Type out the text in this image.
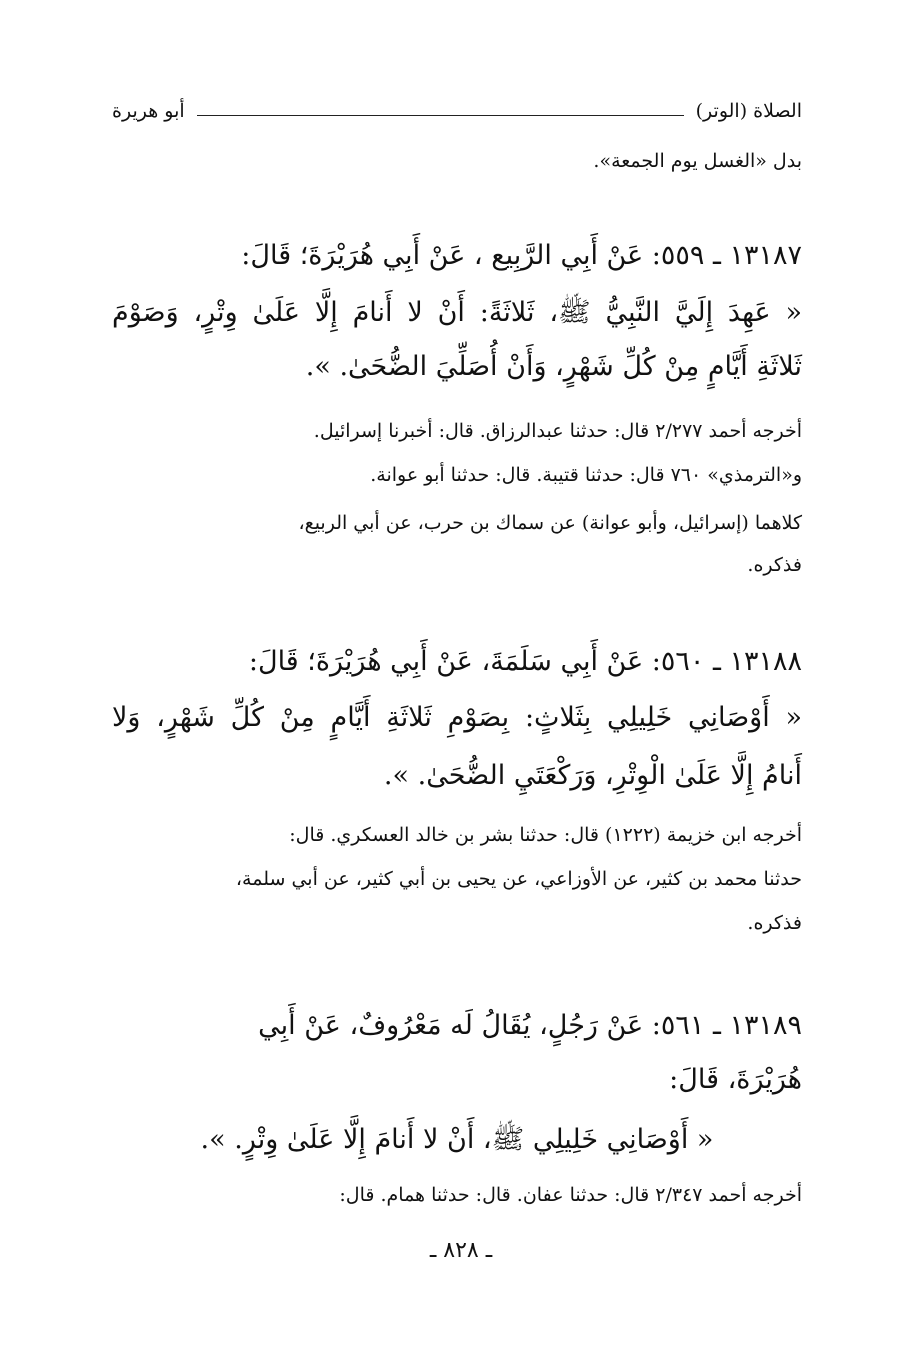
الصلاة (الوتر)
أبو هريرة
بدل «الغسل يوم الجمعة».
١٣١٨٧ ـ ٥٥٩: عَنْ أَبِي الرَّبِيع ، عَنْ أَبِي هُرَيْرَةَ؛ قَالَ:
« عَهِدَ إِلَيَّ النَّبِيُّ ﷺ، ثَلاثَةً: أَنْ لا أَنامَ إِلَّا عَلَىٰ وِتْرٍ، وَصَوْمَ
ثَلاثَةِ أَيَّامٍ مِنْ كُلِّ شَهْرٍ، وَأَنْ أُصَلِّيَ الضُّحَىٰ. ».
أخرجه أحمد ٢/٢٧٧ قال: حدثنا عبدالرزاق. قال: أخبرنا إسرائيل.
و«الترمذي» ٧٦٠ قال: حدثنا قتيبة. قال: حدثنا أبو عوانة.
كلاهما (إسرائيل، وأبو عوانة) عن سماك بن حرب، عن أبي الربيع،
فذكره.
١٣١٨٨ ـ ٥٦٠: عَنْ أَبِي سَلَمَةَ، عَنْ أَبِي هُرَيْرَةَ؛ قَالَ:
« أَوْصَانِي خَلِيلِي بِثَلاثٍ: بِصَوْمِ ثَلاثَةِ أَيَّامٍ مِنْ كُلِّ شَهْرٍ، وَلا
أَنامُ إِلَّا عَلَىٰ الْوِتْرِ، وَرَكْعَتَيِ الضُّحَىٰ. ».
أخرجه ابن خزيمة (١٢٢٢) قال: حدثنا بشر بن خالد العسكري. قال:
حدثنا محمد بن كثير، عن الأوزاعي، عن يحيى بن أبي كثير، عن أبي سلمة،
فذكره.
١٣١٨٩ ـ ٥٦١: عَنْ رَجُلٍ، يُقَالُ لَه مَعْرُوفٌ، عَنْ أَبِي
هُرَيْرَةَ، قَالَ:
« أَوْصَانِي خَلِيلِي ﷺ، أَنْ لا أَنامَ إِلَّا عَلَىٰ وِتْرٍ. ».
أخرجه أحمد ٢/٣٤٧ قال: حدثنا عفان. قال: حدثنا همام. قال:
ـ ٨٢٨ ـ
